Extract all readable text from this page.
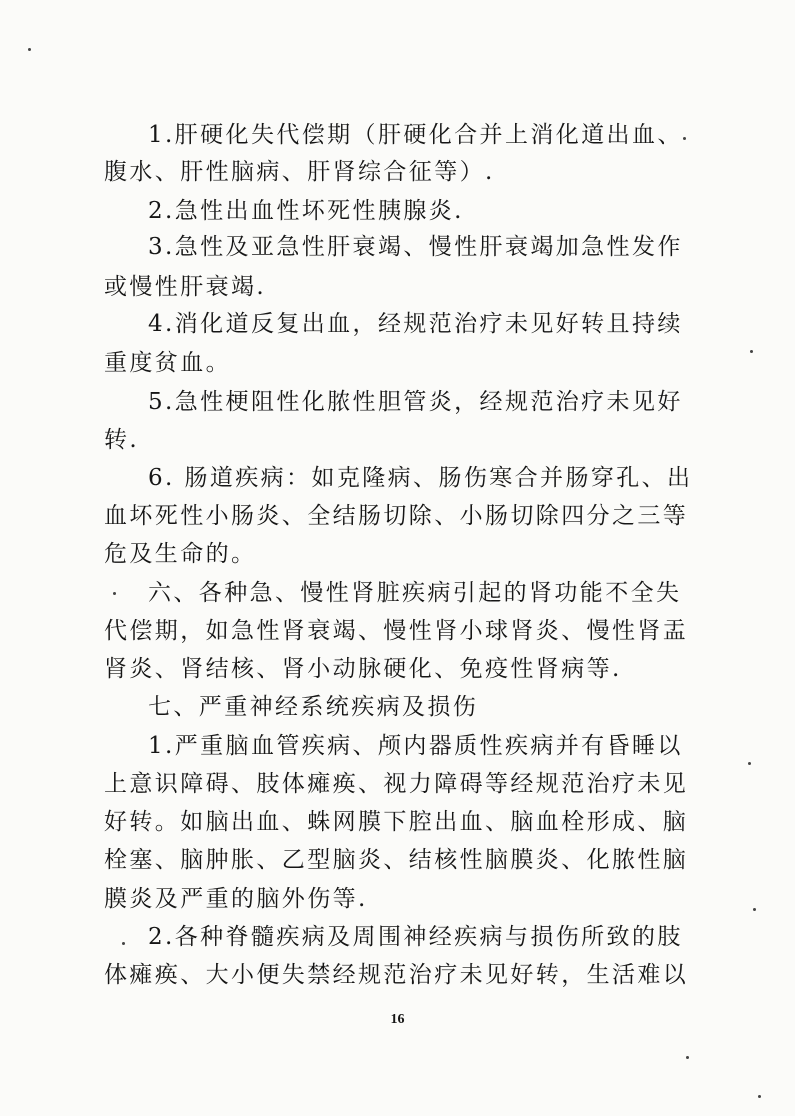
1.肝硬化失代偿期（肝硬化合并上消化道出血、
腹水、肝性脑病、肝肾综合征等）.
2.急性出血性坏死性胰腺炎.
3.急性及亚急性肝衰竭、慢性肝衰竭加急性发作
或慢性肝衰竭.
4.消化道反复出血，经规范治疗未见好转且持续
重度贫血。
5.急性梗阻性化脓性胆管炎，经规范治疗未见好
转.
6. 肠道疾病：如克隆病、肠伤寒合并肠穿孔、出
血坏死性小肠炎、全结肠切除、小肠切除四分之三等
危及生命的。
六、各种急、慢性肾脏疾病引起的肾功能不全失
代偿期，如急性肾衰竭、慢性肾小球肾炎、慢性肾盂
肾炎、肾结核、肾小动脉硬化、免疫性肾病等.
七、严重神经系统疾病及损伤
1.严重脑血管疾病、颅内器质性疾病并有昏睡以
上意识障碍、肢体瘫痪、视力障碍等经规范治疗未见
好转。如脑出血、蛛网膜下腔出血、脑血栓形成、脑
栓塞、脑肿胀、乙型脑炎、结核性脑膜炎、化脓性脑
膜炎及严重的脑外伤等.
2.各种脊髓疾病及周围神经疾病与损伤所致的肢
体瘫痪、大小便失禁经规范治疗未见好转，生活难以
16
